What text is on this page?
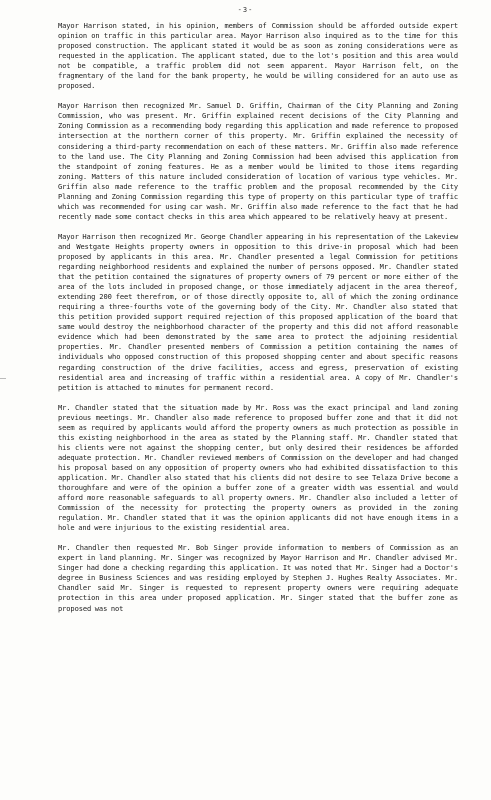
-3-

Mayor Harrison stated, in his opinion, members of Commission should be afforded outside expert opinion on traffic in this particular area. Mayor Harrison also inquired as to the time for this proposed construction. The applicant stated it would be as soon as zoning considerations were as requested in the application. The applicant stated, due to the lot's position and this area would not be compatible, a traffic problem did not seem apparent. Mayor Harrison felt, on the fragmentary of the land for the bank property, he would be willing considered for an auto use as proposed.

Mayor Harrison then recognized Mr. Samuel D. Griffin, Chairman of the City Planning and Zoning Commission, who was present. Mr. Griffin explained recent decisions of the City Planning and Zoning Commission as a recommending body regarding this application and made reference to proposed intersection at the northern corner of this property. Mr. Griffin explained the necessity of considering a third-party recommendation on each of these matters. Mr. Griffin also made reference to the land use. The City Planning and Zoning Commission had been advised this application from the standpoint of zoning features. He as a member would be limited to those items regarding zoning. Matters of this nature included consideration of location of various type vehicles. Mr. Griffin also made reference to the traffic problem and the proposal recommended by the City Planning and Zoning Commission regarding this type of property on this particular type of traffic which was recommended for using car wash. Mr. Griffin also made reference to the fact that he had recently made some contact checks in this area which appeared to be relatively heavy at present.

Mayor Harrison then recognized Mr. George Chandler appearing in his representation of the Lakeview and Westgate Heights property owners in opposition to this drive-in proposal which had been proposed by applicants in this area. Mr. Chandler presented a legal Commission for petitions regarding neighborhood residents and explained the number of persons opposed. Mr. Chandler stated that the petition contained the signatures of property owners of 79 percent or more either of the area of the lots included in proposed change, or those immediately adjacent in the area thereof, extending 200 feet therefrom, or of those directly opposite to, all of which the zoning ordinance requiring a three-fourths vote of the governing body of the City. Mr. Chandler also stated that this petition provided support required rejection of this proposed application of the board that same would destroy the neighborhood character of the property and this did not afford reasonable evidence which had been demonstrated by the same area to protect the adjoining residential properties. Mr. Chandler presented members of Commission a petition containing the names of individuals who opposed construction of this proposed shopping center and about specific reasons regarding construction of the drive facilities, access and egress, preservation of existing residential area and increasing of traffic within a residential area. A copy of Mr. Chandler's petition is attached to minutes for permanent record.

Mr. Chandler stated that the situation made by Mr. Ross was the exact principal and land zoning previous meetings. Mr. Chandler also made reference to proposed buffer zone and that it did not seem as required by applicants would afford the property owners as much protection as possible in this existing neighborhood in the area as stated by the Planning staff. Mr. Chandler stated that his clients were not against the shopping center, but only desired their residences be afforded adequate protection. Mr. Chandler reviewed members of Commission on the developer and had changed his proposal based on any opposition of property owners who had exhibited dissatisfaction to this application. Mr. Chandler also stated that his clients did not desire to see Telaza Drive become a thoroughfare and were of the opinion a buffer zone of a greater width was essential and would afford more reasonable safeguards to all property owners. Mr. Chandler also included a letter of Commission of the necessity for protecting the property owners as provided in the zoning regulation. Mr. Chandler stated that it was the opinion applicants did not have enough items in a hole and were injurious to the existing residential area.

Mr. Chandler then requested Mr. Bob Singer provide information to members of Commission as an expert in land planning. Mr. Singer was recognized by Mayor Harrison and Mr. Chandler advised Mr. Singer had done a checking regarding this application. It was noted that Mr. Singer had a Doctor's degree in Business Sciences and was residing employed by Stephen J. Hughes Realty Associates. Mr. Chandler said Mr. Singer is requested to represent property owners were requiring adequate protection in this area under proposed application. Mr. Singer stated that the buffer zone as proposed was not
